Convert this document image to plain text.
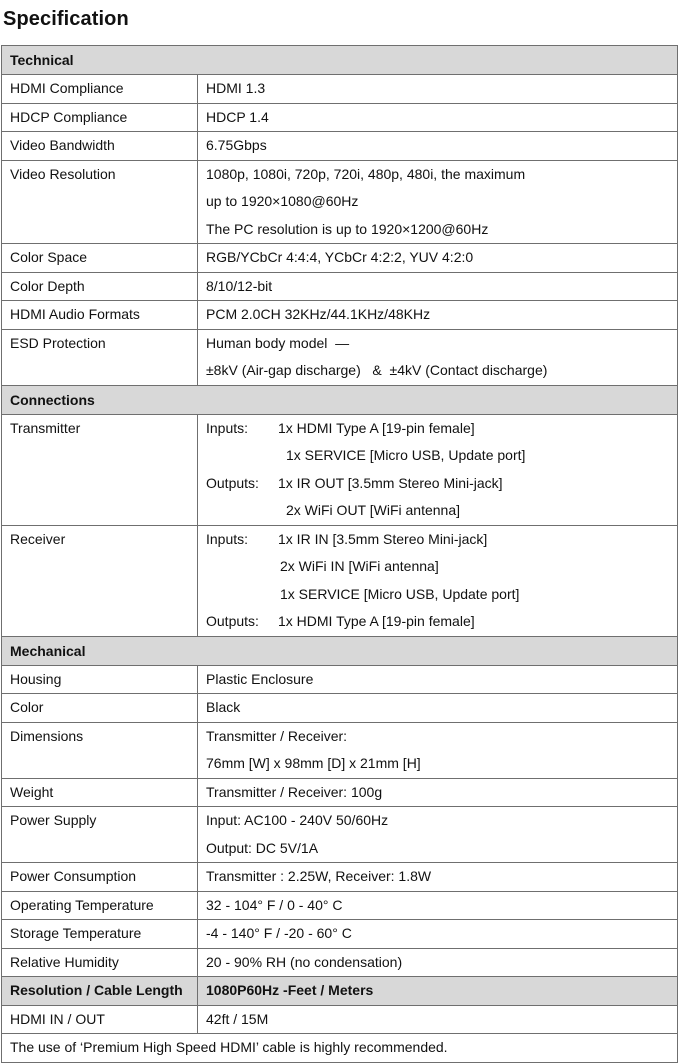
Specification
Technical	
HDMI Compliance	HDMI 1.3

HDCP Compliance	HDCP 1.4

Video Bandwidth	6.75Gbps

Video Resolution	1080p, 1080i, 720p, 720i, 480p, 480i, the maximum
up to 1920×1080@60Hz
The PC resolution is up to 1920×1200@60Hz

Color Space	RGB/YCbCr 4:4:4, YCbCr 4:2:2, YUV 4:2:0

Color Depth	8/10/12-bit

HDMI Audio Formats	PCM 2.0CH 32KHz/44.1KHz/48KHz

ESD Protection	Human body model  —
±8kV (Air-gap discharge)   &  ±4kV (Contact discharge)

Connections	
Transmitter	Inputs: 1x HDMI Type A [19-pin female]
1x SERVICE [Micro USB, Update port]
Outputs: 1x IR OUT [3.5mm Stereo Mini-jack]
2x WiFi OUT [WiFi antenna]

Receiver	Inputs: 1x IR IN [3.5mm Stereo Mini-jack]
2x WiFi IN [WiFi antenna]
1x SERVICE [Micro USB, Update port]
Outputs: 1x HDMI Type A [19-pin female]

Mechanical	
Housing	Plastic Enclosure

Color	Black

Dimensions	Transmitter / Receiver:
76mm [W] x 98mm [D] x 21mm [H]

Weight	Transmitter / Receiver: 100g

Power Supply	Input: AC100 - 240V 50/60Hz
Output: DC 5V/1A

Power Consumption	Transmitter : 2.25W, Receiver: 1.8W

Operating Temperature	32 - 104° F / 0 - 40° C

Storage Temperature	-4 - 140° F / -20 - 60° C

Relative Humidity	20 - 90% RH (no condensation)

Resolution / Cable Length	1080P60Hz -Feet / Meters
HDMI IN / OUT	42ft / 15M

The use of ‘Premium High Speed HDMI’ cable is highly recommended.	
